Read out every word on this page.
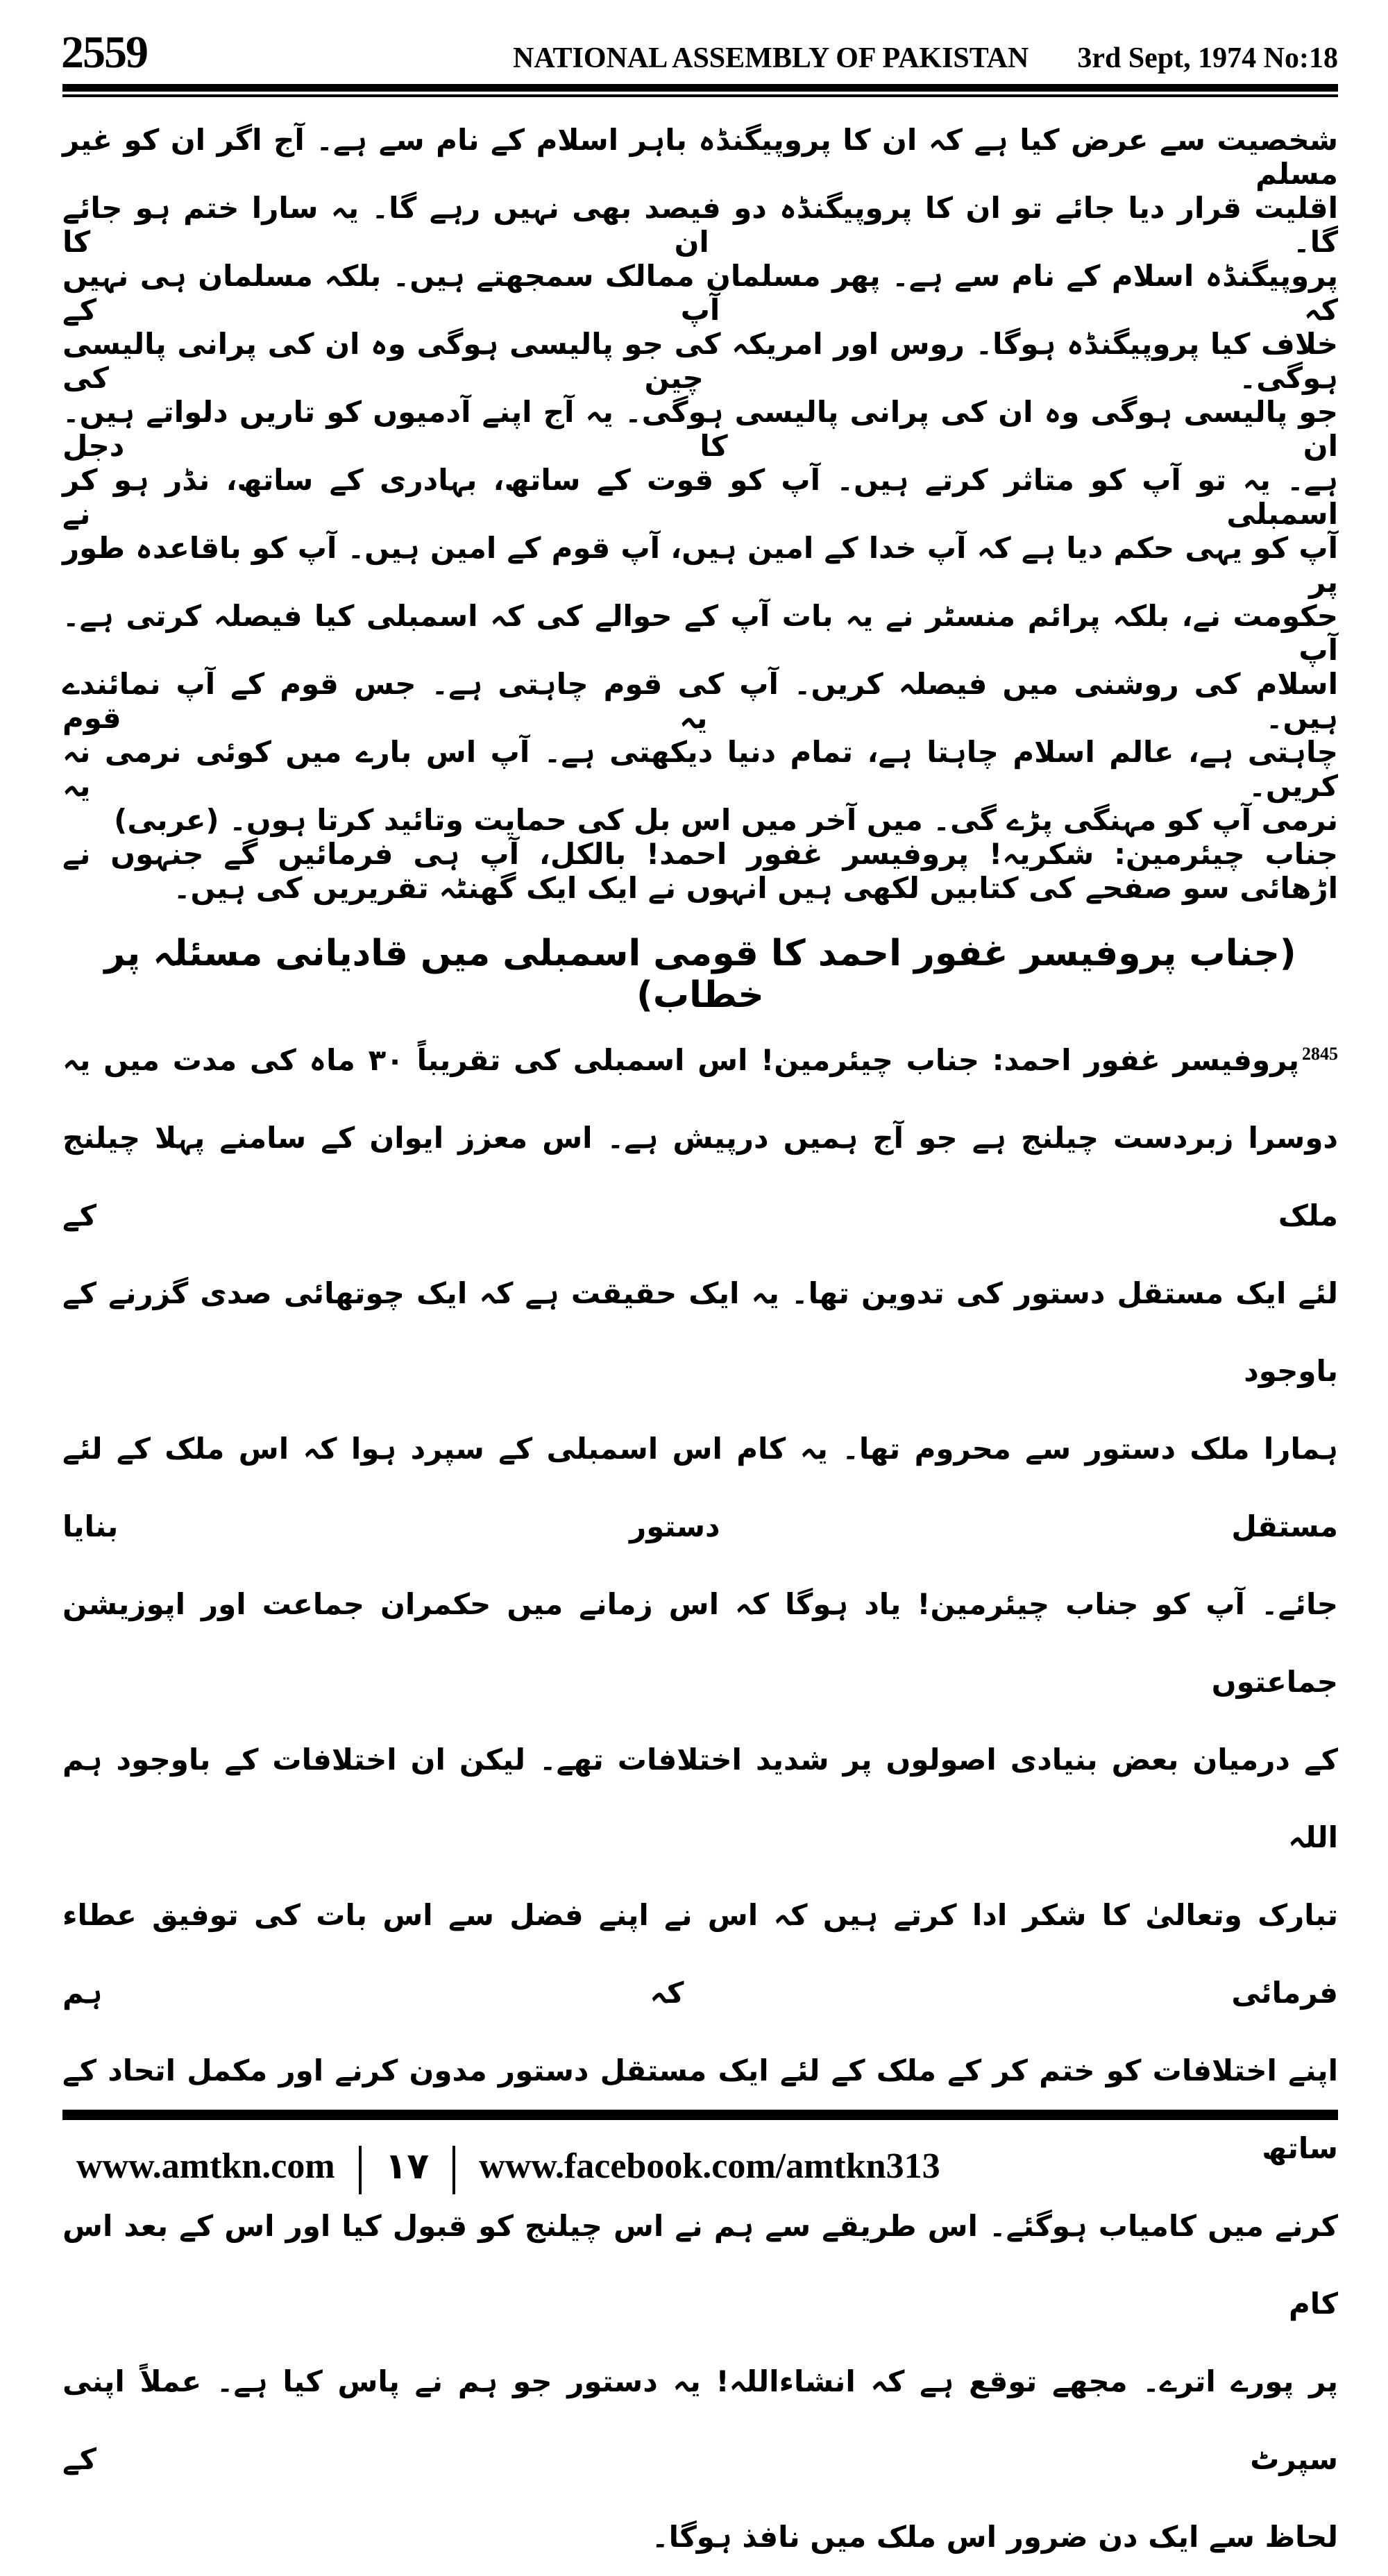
2559	NATIONAL ASSEMBLY OF PAKISTAN 3rd Sept, 1974 No:18
شخصیت سے عرض کیا ہے کہ ان کا پروپیگنڈہ باہر اسلام کے نام سے ہے۔ آج اگر ان کو غیر مسلم
اقلیت قرار دیا جائے تو ان کا پروپیگنڈہ دو فیصد بھی نہیں رہے گا۔ یہ سارا ختم ہو جائے گا۔ ان کا
پروپیگنڈہ اسلام کے نام سے ہے۔ پھر مسلمان ممالک سمجھتے ہیں۔ بلکہ مسلمان ہی نہیں کہ آپ کے
خلاف کیا پروپیگنڈہ ہوگا۔ روس اور امریکہ کی جو پالیسی ہوگی وہ ان کی پرانی پالیسی ہوگی۔ چین کی
جو پالیسی ہوگی وہ ان کی پرانی پالیسی ہوگی۔ یہ آج اپنے آدمیوں کو تاریں دلواتے ہیں۔ ان کا دجل
ہے۔ یہ تو آپ کو متاثر کرتے ہیں۔ آپ کو قوت کے ساتھ، بہادری کے ساتھ، نڈر ہو کر اسمبلی نے
آپ کو یہی حکم دیا ہے کہ آپ خدا کے امین ہیں، آپ قوم کے امین ہیں۔ آپ کو باقاعدہ طور پر
حکومت نے، بلکہ پرائم منسٹر نے یہ بات آپ کے حوالے کی کہ اسمبلی کیا فیصلہ کرتی ہے۔ آپ
اسلام کی روشنی میں فیصلہ کریں۔ آپ کی قوم چاہتی ہے۔ جس قوم کے آپ نمائندے ہیں۔ یہ قوم
چاہتی ہے، عالم اسلام چاہتا ہے، تمام دنیا دیکھتی ہے۔ آپ اس بارے میں کوئی نرمی نہ کریں۔ یہ
نرمی آپ کو مہنگی پڑے گی۔ میں آخر میں اس بل کی حمایت وتائید کرتا ہوں۔ (عربی)
جناب چیئرمین: شکریہ! پروفیسر غفور احمد! بالکل، آپ ہی فرمائیں گے جنہوں نے
اڑھائی سو صفحے کی کتابیں لکھی ہیں انہوں نے ایک ایک گھنٹہ تقریریں کی ہیں۔
(جناب پروفیسر غفور احمد کا قومی اسمبلی میں قادیانی مسئلہ پر خطاب)
2845پروفیسر غفور احمد: جناب چیئرمین! اس اسمبلی کی تقریباً ۳۰ ماہ کی مدت میں یہ
دوسرا زبردست چیلنج ہے جو آج ہمیں درپیش ہے۔ اس معزز ایوان کے سامنے پہلا چیلنج ملک کے
لئے ایک مستقل دستور کی تدوین تھا۔ یہ ایک حقیقت ہے کہ ایک چوتھائی صدی گزرنے کے باوجود
ہمارا ملک دستور سے محروم تھا۔ یہ کام اس اسمبلی کے سپرد ہوا کہ اس ملک کے لئے مستقل دستور بنایا
جائے۔ آپ کو جناب چیئرمین! یاد ہوگا کہ اس زمانے میں حکمران جماعت اور اپوزیشن جماعتوں
کے درمیان بعض بنیادی اصولوں پر شدید اختلافات تھے۔ لیکن ان اختلافات کے باوجود ہم اللہ
تبارک وتعالیٰ کا شکر ادا کرتے ہیں کہ اس نے اپنے فضل سے اس بات کی توفیق عطاء فرمائی کہ ہم
اپنے اختلافات کو ختم کر کے ملک کے لئے ایک مستقل دستور مدون کرنے اور مکمل اتحاد کے ساتھ
کرنے میں کامیاب ہوگئے۔ اس طریقے سے ہم نے اس چیلنج کو قبول کیا اور اس کے بعد اس کام
پر پورے اترے۔ مجھے توقع ہے کہ انشاءاللہ! یہ دستور جو ہم نے پاس کیا ہے۔ عملاً اپنی سپرٹ کے
لحاظ سے ایک دن ضرور اس ملک میں نافذ ہوگا۔
www.amtkn.com ۱۷ www.facebook.com/amtkn313
